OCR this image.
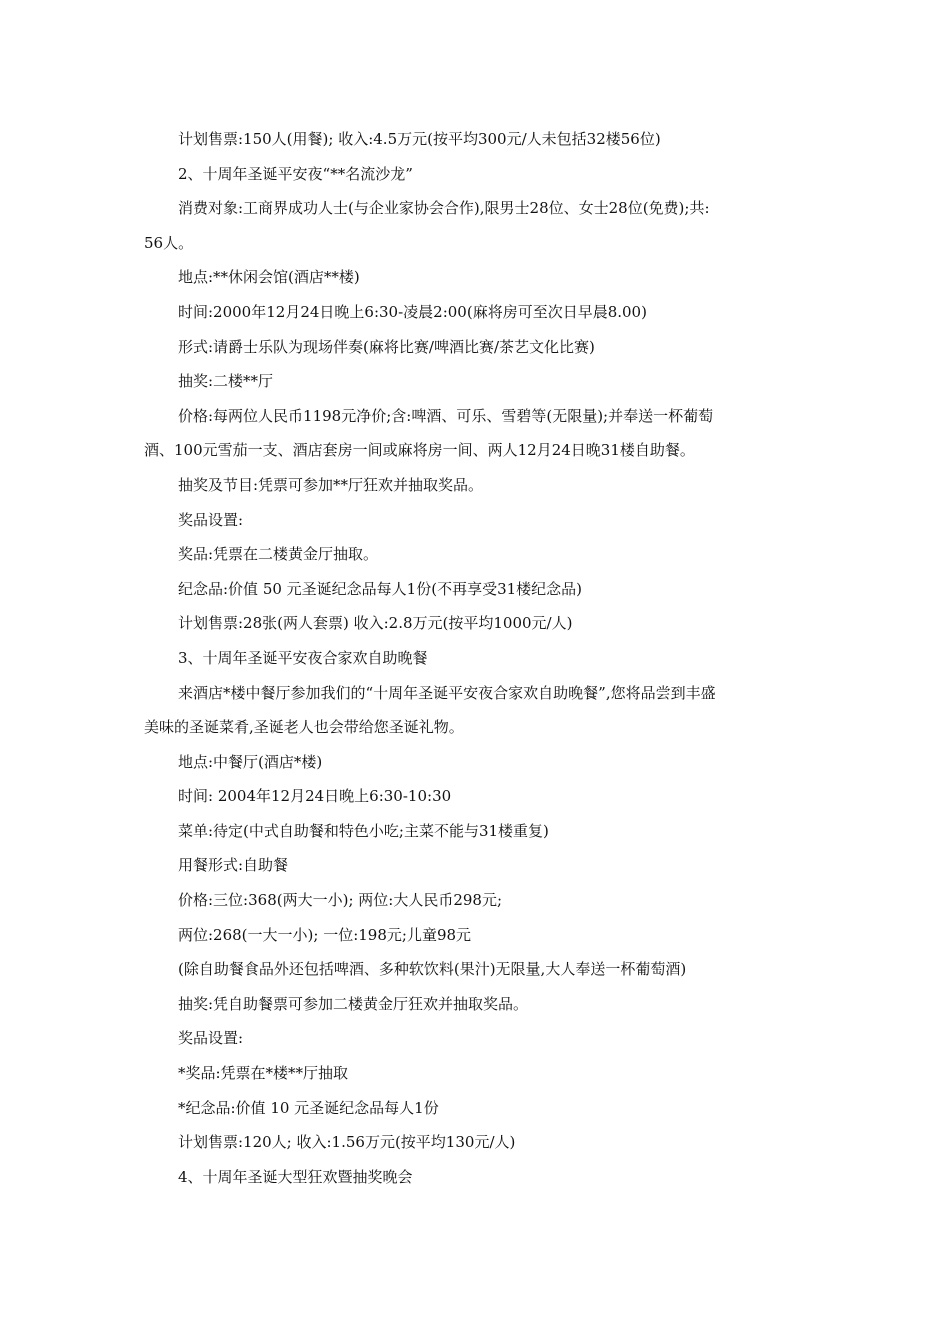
计划售票:150人(用餐); 收入:4.5万元(按平均300元/人未包括32楼56位)
2、十周年圣诞平安夜“**名流沙龙”
消费对象:工商界成功人士(与企业家协会合作),限男士28位、女士28位(免费);共:
56人。
地点:**休闲会馆(酒店**楼)
时间:2000年12月24日晚上6:30-凌晨2:00(麻将房可至次日早晨8.00)
形式:请爵士乐队为现场伴奏(麻将比赛/啤酒比赛/茶艺文化比赛)
抽奖:二楼**厅
价格:每两位人民币1198元净价;含:啤酒、可乐、雪碧等(无限量);并奉送一杯葡萄
酒、100元雪茄一支、酒店套房一间或麻将房一间、两人12月24日晚31楼自助餐。
抽奖及节目:凭票可参加**厅狂欢并抽取奖品。
奖品设置:
奖品:凭票在二楼黄金厅抽取。
纪念品:价值 50 元圣诞纪念品每人1份(不再享受31楼纪念品)
计划售票:28张(两人套票) 收入:2.8万元(按平均1000元/人)
3、十周年圣诞平安夜合家欢自助晚餐
来酒店*楼中餐厅参加我们的“十周年圣诞平安夜合家欢自助晚餐”,您将品尝到丰盛
美味的圣诞菜肴,圣诞老人也会带给您圣诞礼物。
地点:中餐厅(酒店*楼)
时间: 2004年12月24日晚上6:30-10:30
菜单:待定(中式自助餐和特色小吃;主菜不能与31楼重复)
用餐形式:自助餐
价格:三位:368(两大一小); 两位:大人民币298元;
两位:268(一大一小); 一位:198元;儿童98元
(除自助餐食品外还包括啤酒、多种软饮料(果汁)无限量,大人奉送一杯葡萄酒)
抽奖:凭自助餐票可参加二楼黄金厅狂欢并抽取奖品。
奖品设置:
*奖品:凭票在*楼**厅抽取
*纪念品:价值 10 元圣诞纪念品每人1份
计划售票:120人; 收入:1.56万元(按平均130元/人)
4、十周年圣诞大型狂欢暨抽奖晚会
